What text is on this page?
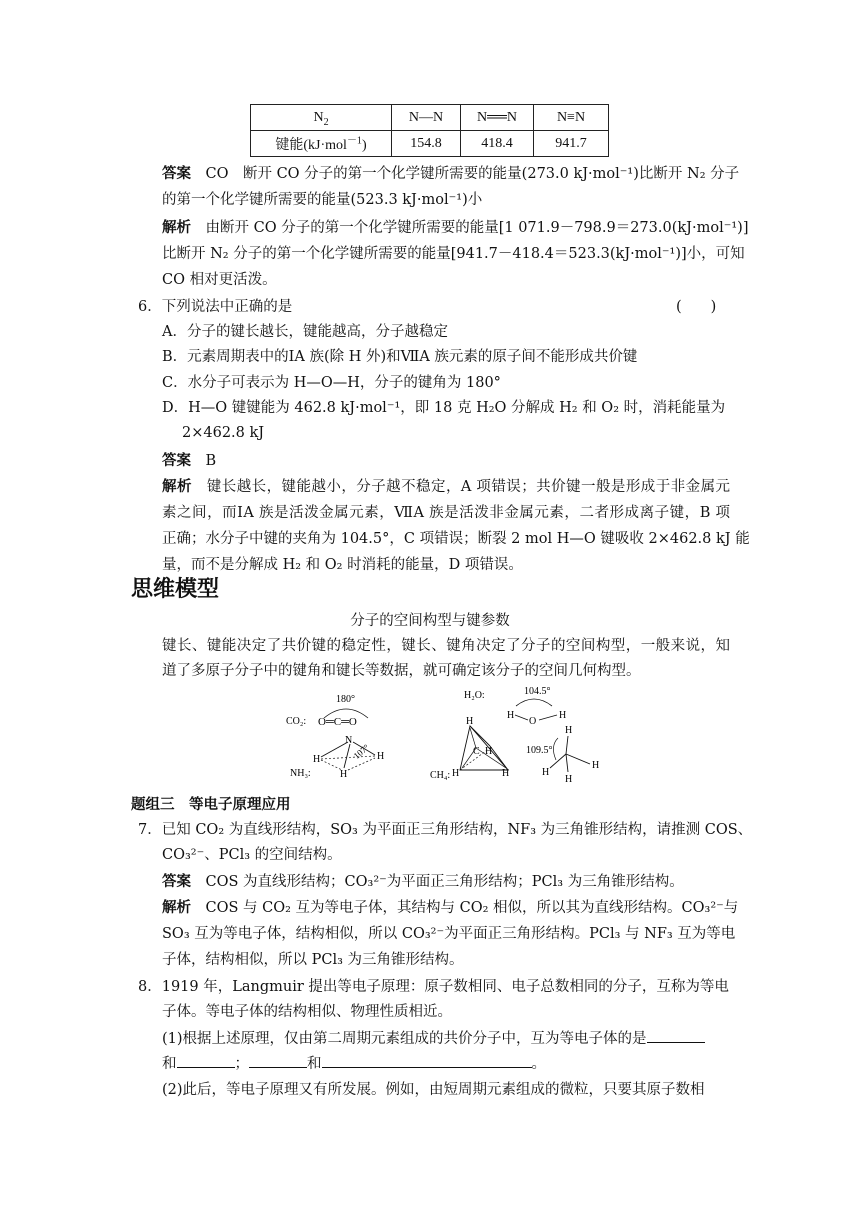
$N_2$	N—N	N══N	N≡N
键能(kJ·mol$^{-1}$)	154.8	418.4	941.7
答案　 CO　断开 CO 分子的第一个化学键所需要的能量(273.0 kJ·mol⁻¹)比断开 N₂ 分子
的第一个化学键所需要的能量(523.3 kJ·mol⁻¹)小
解析　 由断开 CO 分子的第一个化学键所需要的能量[1 071.9－798.9＝273.0(kJ·mol⁻¹)]
比断开 N₂ 分子的第一个化学键所需要的能量[941.7－418.4＝523.3(kJ·mol⁻¹)]小，可知
CO 相对更活泼。
6．下列说法中正确的是	(　　)
A．分子的键长越长，键能越高，分子越稳定
B．元素周期表中的ⅠA 族(除 H 外)和ⅦA 族元素的原子间不能形成共价键
C．水分子可表示为 H—O—H，分子的键角为 180°
D．H—O 键键能为 462.8 kJ·mol⁻¹，即 18 克 H₂O 分解成 H₂ 和 O₂ 时，消耗能量为
2×462.8 kJ
答案　 B
解析　 键长越长，键能越小，分子越不稳定，A 项错误；共价键一般是形成于非金属元
素之间，而ⅠA 族是活泼金属元素，ⅦA 族是活泼非金属元素，二者形成离子键，B 项
正确；水分子中键的夹角为 104.5°，C 项错误；断裂 2 mol H—O 键吸收 2×462.8 kJ 能
量，而不是分解成 H₂ 和 O₂ 时消耗的能量，D 项错误。
思维模型
分子的空间构型与键参数
键长、键能决定了共价键的稳定性，键长、键角决定了分子的空间构型，一般来说，知
道了多原子分子中的键角和键长等数据，就可确定该分子的空间几何构型。
CO₂:
180°
O═C═O
H₂O:	104.5°
H
O
H
NH₃:
N
H	H
H
107°
CH₄:
H
C H
H	H
109.5°
H
H
H
H
题组三　等电子原理应用
7．已知 CO₂ 为直线形结构，SO₃ 为平面正三角形结构，NF₃ 为三角锥形结构，请推测 COS、
CO₃²⁻、PCl₃ 的空间结构。
答案　 COS 为直线形结构；CO₃²⁻为平面正三角形结构；PCl₃ 为三角锥形结构。
解析　 COS 与 CO₂ 互为等电子体，其结构与 CO₂ 相似，所以其为直线形结构。CO₃²⁻与
SO₃ 互为等电子体，结构相似，所以 CO₃²⁻为平面正三角形结构。PCl₃ 与 NF₃ 互为等电
子体，结构相似，所以 PCl₃ 为三角锥形结构。
8．1919 年，Langmuir 提出等电子原理：原子数相同、电子总数相同的分子，互称为等电
子体。等电子体的结构相似、物理性质相近。
(1)根据上述原理，仅由第二周期元素组成的共价分子中，互为等电子体的是
和	；	和	。
(2)此后，等电子原理又有所发展。例如，由短周期元素组成的微粒，只要其原子数相
